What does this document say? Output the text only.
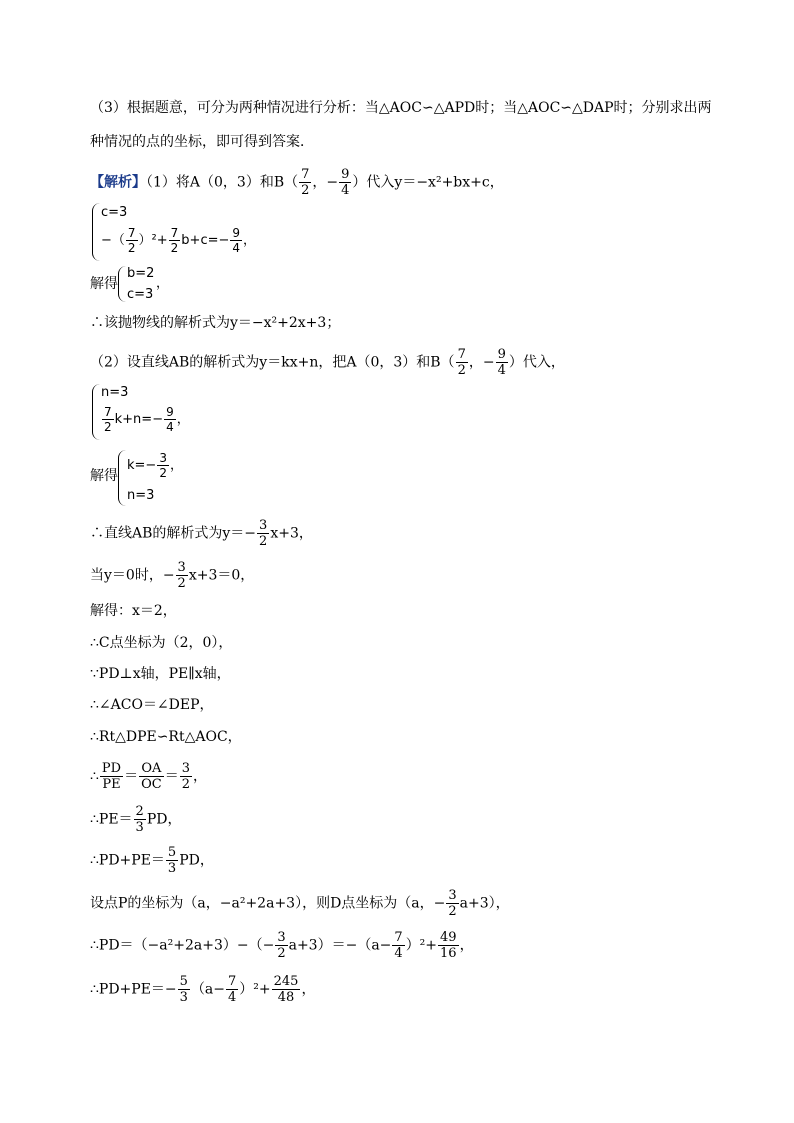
（3）根据题意，可分为两种情况进行分析：当△AOC∽△APD时；当△AOC∽△DAP时；分别求出两
种情况的点的坐标，即可得到答案．
【解析】（1）将A（0，3）和$B( \frac{7}{2}$ ，− $\frac{9}{4}$ ）代入y＝−x²+bx+c，
c=3
−（ $\frac{7}{2} )^2+ \frac{7}{2} b+c=- \frac{9}{4}$ ，
解得
b=2
c=3
，
∴该抛物线的解析式为y＝−x²+2x+3；
（2）设直线AB的解析式为y＝kx+n，把A（0，3）和$B( \frac{7}{2}$ ，− $\frac{9}{4}$ ）代入，
n=3
$\frac{7}{2} k+n=- \frac{9}{4}$ ，
解得
$k=- \frac{3}{2}$ ，
n=3
∴直线AB的解析式为$y=- \frac{3}{2} x+3$，
当y＝0时，− $\frac{3}{2} x+3=0$，
解得：x＝2，
∴C点坐标为（2，0），
∵PD⊥x轴，PE∥x轴，
∴∠ACO＝∠DEP，
∴Rt△DPE∽Rt△AOC，
∴ $\frac{PD}{PE} = \frac{OA}{OC} = \frac{3}{2}$ ，
∴PE＝ $\frac{2}{3}$ PD，
∴PD+PE＝ $\frac{5}{3}$ PD，
设点P的坐标为（a，−a²+2a+3），则D点坐标为（a，− $\frac{3}{2} a+3$），
∴PD＝（−a²+2a+3）−（− $\frac{3}{2} a+3)=-(a- \frac{7}{4} )^2+ \frac{49}{16}$ ，
∴PD+PE＝− $\frac{5}{3} (a- \frac{7}{4} )^2+ \frac{245}{48}$ ，
